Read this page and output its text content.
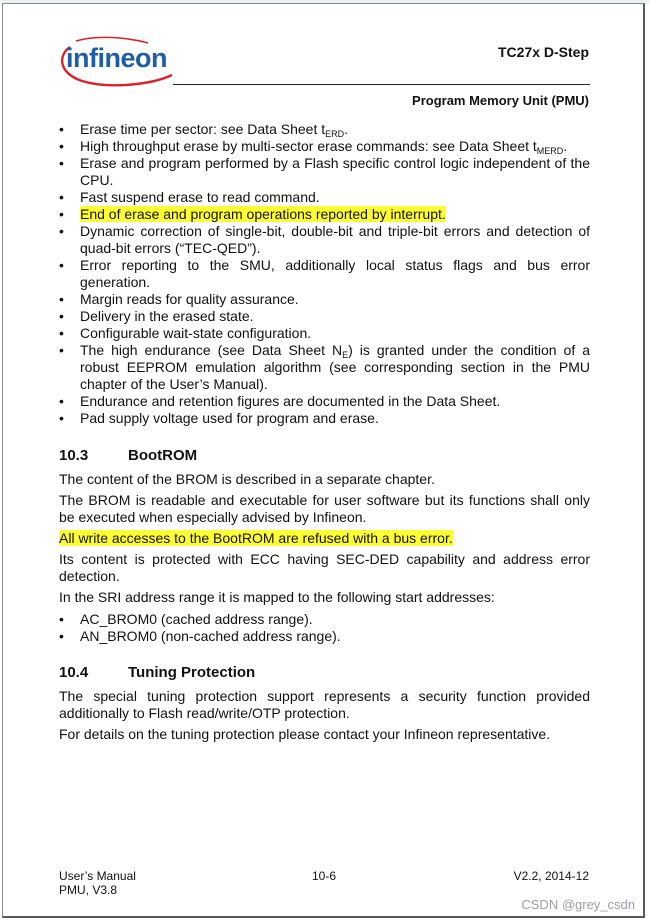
infineon	TC27x D-Step
Program Memory Unit (PMU)
• Erase time per sector: see Data Sheet $t_{ERD}$.
• High throughput erase by multi-sector erase commands: see Data Sheet $t_{MERD}$.
• Erase and program performed by a Flash specific control logic independent of the CPU.
• Fast suspend erase to read command.
• End of erase and program operations reported by interrupt.
• Dynamic correction of single-bit, double-bit and triple-bit errors and detection of quad-bit errors (“TEC-QED”).
• Error reporting to the SMU, additionally local status flags and bus error generation.
• Margin reads for quality assurance.
• Delivery in the erased state.
• Configurable wait-state configuration.
• The high endurance (see Data Sheet $N_E$) is granted under the condition of a robust EEPROM emulation algorithm (see corresponding section in the PMU chapter of the User’s Manual).
• Endurance and retention figures are documented in the Data Sheet.
• Pad supply voltage used for program and erase.
10.3	BootROM

The content of the BROM is described in a separate chapter.

The BROM is readable and executable for user software but its functions shall only be executed when especially advised by Infineon.

All write accesses to the BootROM are refused with a bus error.

Its content is protected with ECC having SEC-DED capability and address error detection.

In the SRI address range it is mapped to the following start addresses:

• AC_BROM0 (cached address range).
• AN_BROM0 (non-cached address range).
10.4	Tuning Protection

The special tuning protection support represents a security function provided additionally to Flash read/write/OTP protection.

For details on the tuning protection please contact your Infineon representative.

User’s Manual
PMU, V3.8
10-6	V2.2, 2014-12
CSDN @grey_csdn
